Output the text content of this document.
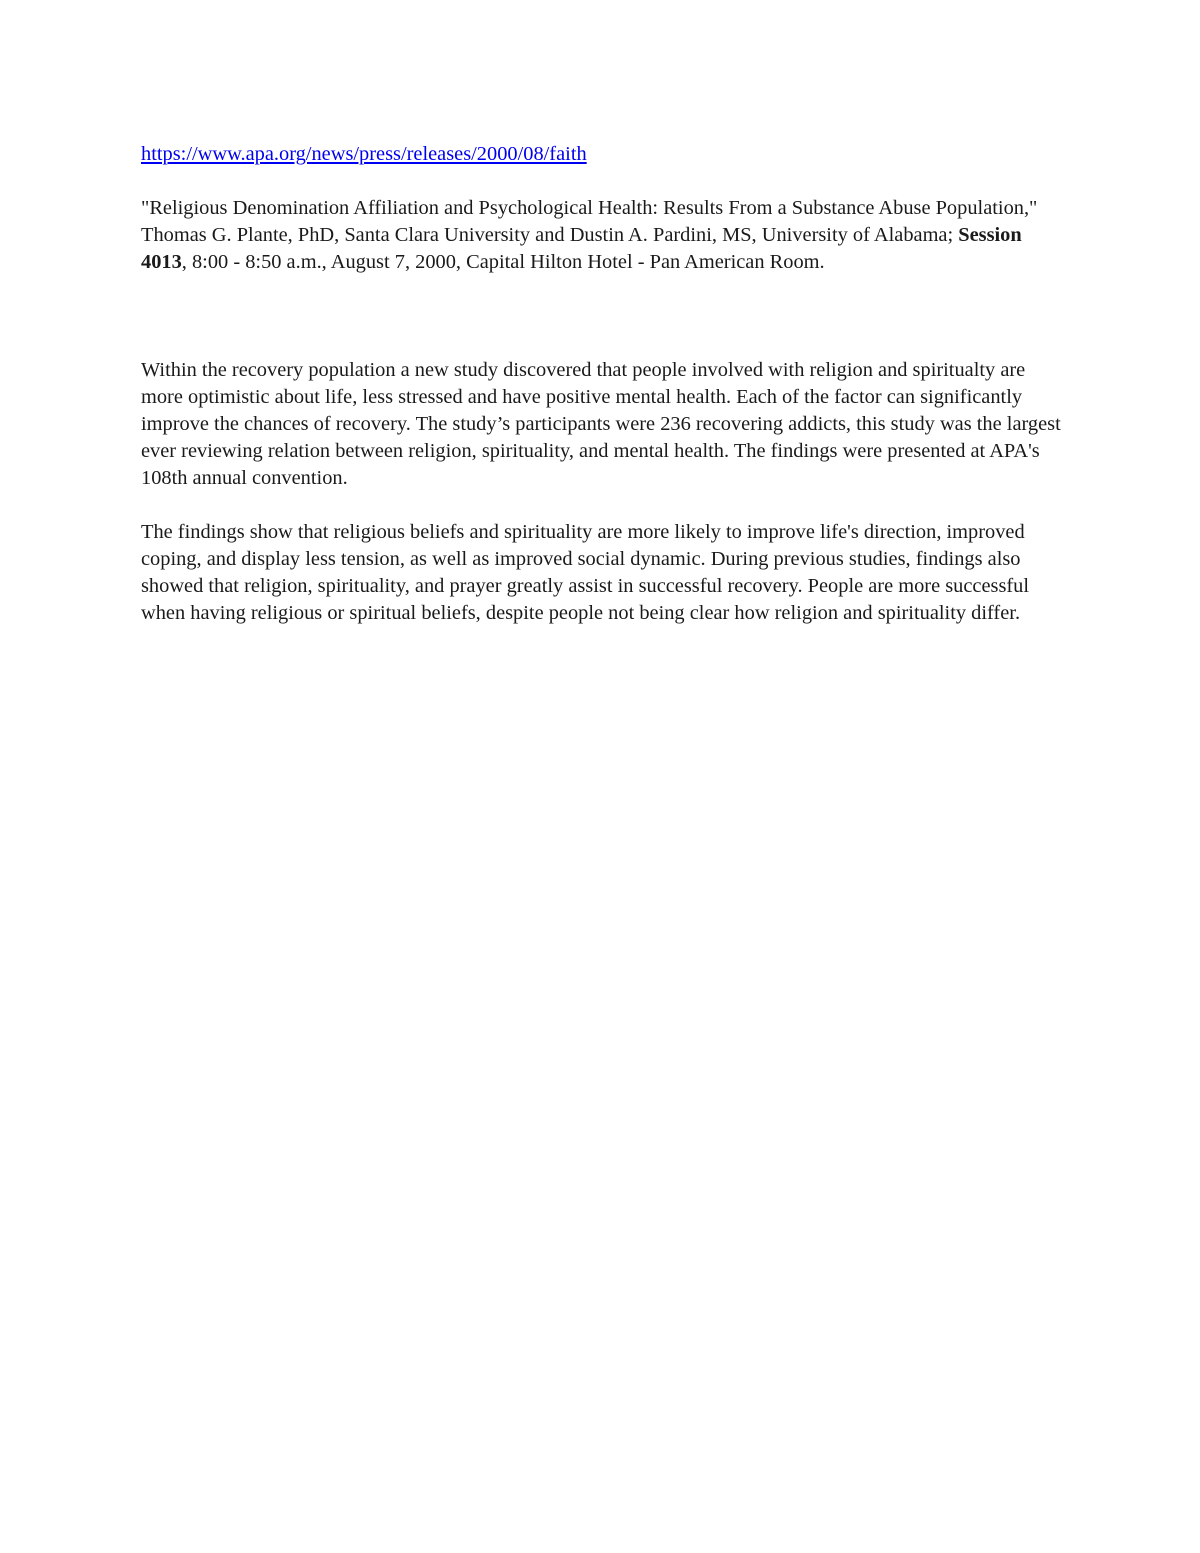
https://www.apa.org/news/press/releases/2000/08/faith

"Religious Denomination Affiliation and Psychological Health: Results From a Substance Abuse Population," Thomas G. Plante, PhD, Santa Clara University and Dustin A. Pardini, MS, University of Alabama; Session 4013, 8:00 - 8:50 a.m., August 7, 2000, Capital Hilton Hotel - Pan American Room.

Within the recovery population a new study discovered that people involved with religion and spiritualty are more optimistic about life, less stressed and have positive mental health. Each of the factor can significantly improve the chances of recovery. The study’s participants were 236 recovering addicts, this study was the largest ever reviewing relation between religion, spirituality, and mental health. The findings were presented at APA's 108th annual convention.

The findings show that religious beliefs and spirituality are more likely to improve life's direction, improved coping, and display less tension, as well as improved social dynamic. During previous studies, findings also showed that religion, spirituality, and prayer greatly assist in successful recovery. People are more successful when having religious or spiritual beliefs, despite people not being clear how religion and spirituality differ.
